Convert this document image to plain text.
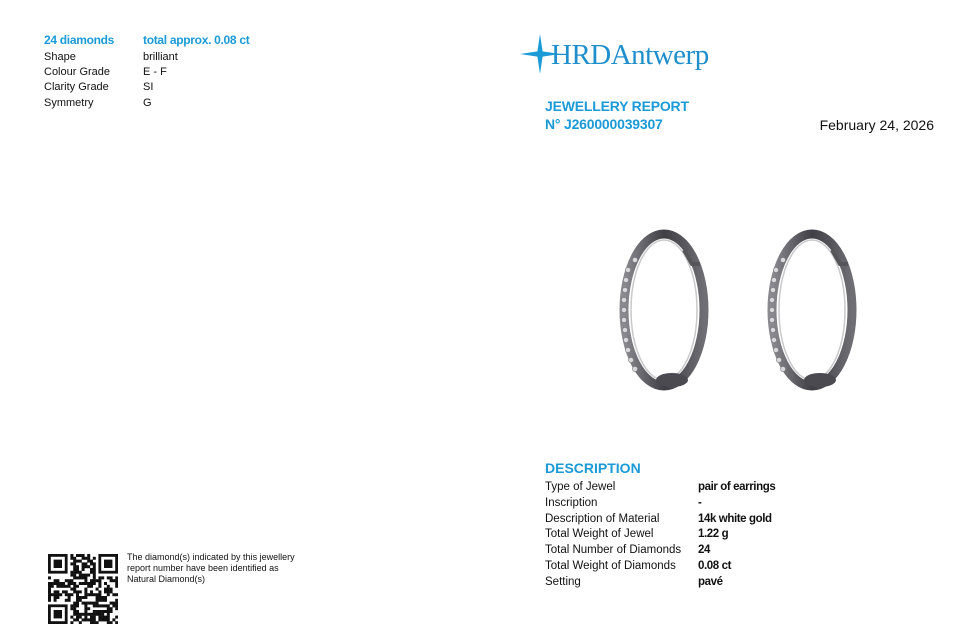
24 diamonds total approx. 0.08 ct
Shape	brilliant
Colour Grade	E - F
Clarity Grade	SI
Symmetry	G
HRDAntwerp
JEWELLERY REPORT
N° J260000039307	February 24, 2026
DESCRIPTION
Type of Jewel	pair of earrings
Inscription	-
Description of Material	14k white gold
Total Weight of Jewel	1.22 g
Total Number of Diamonds 24
Total Weight of Diamonds 0.08 ct
Setting	pavé
The diamond(s) indicated by this jewellery
report number have been identified as
Natural Diamond(s)
